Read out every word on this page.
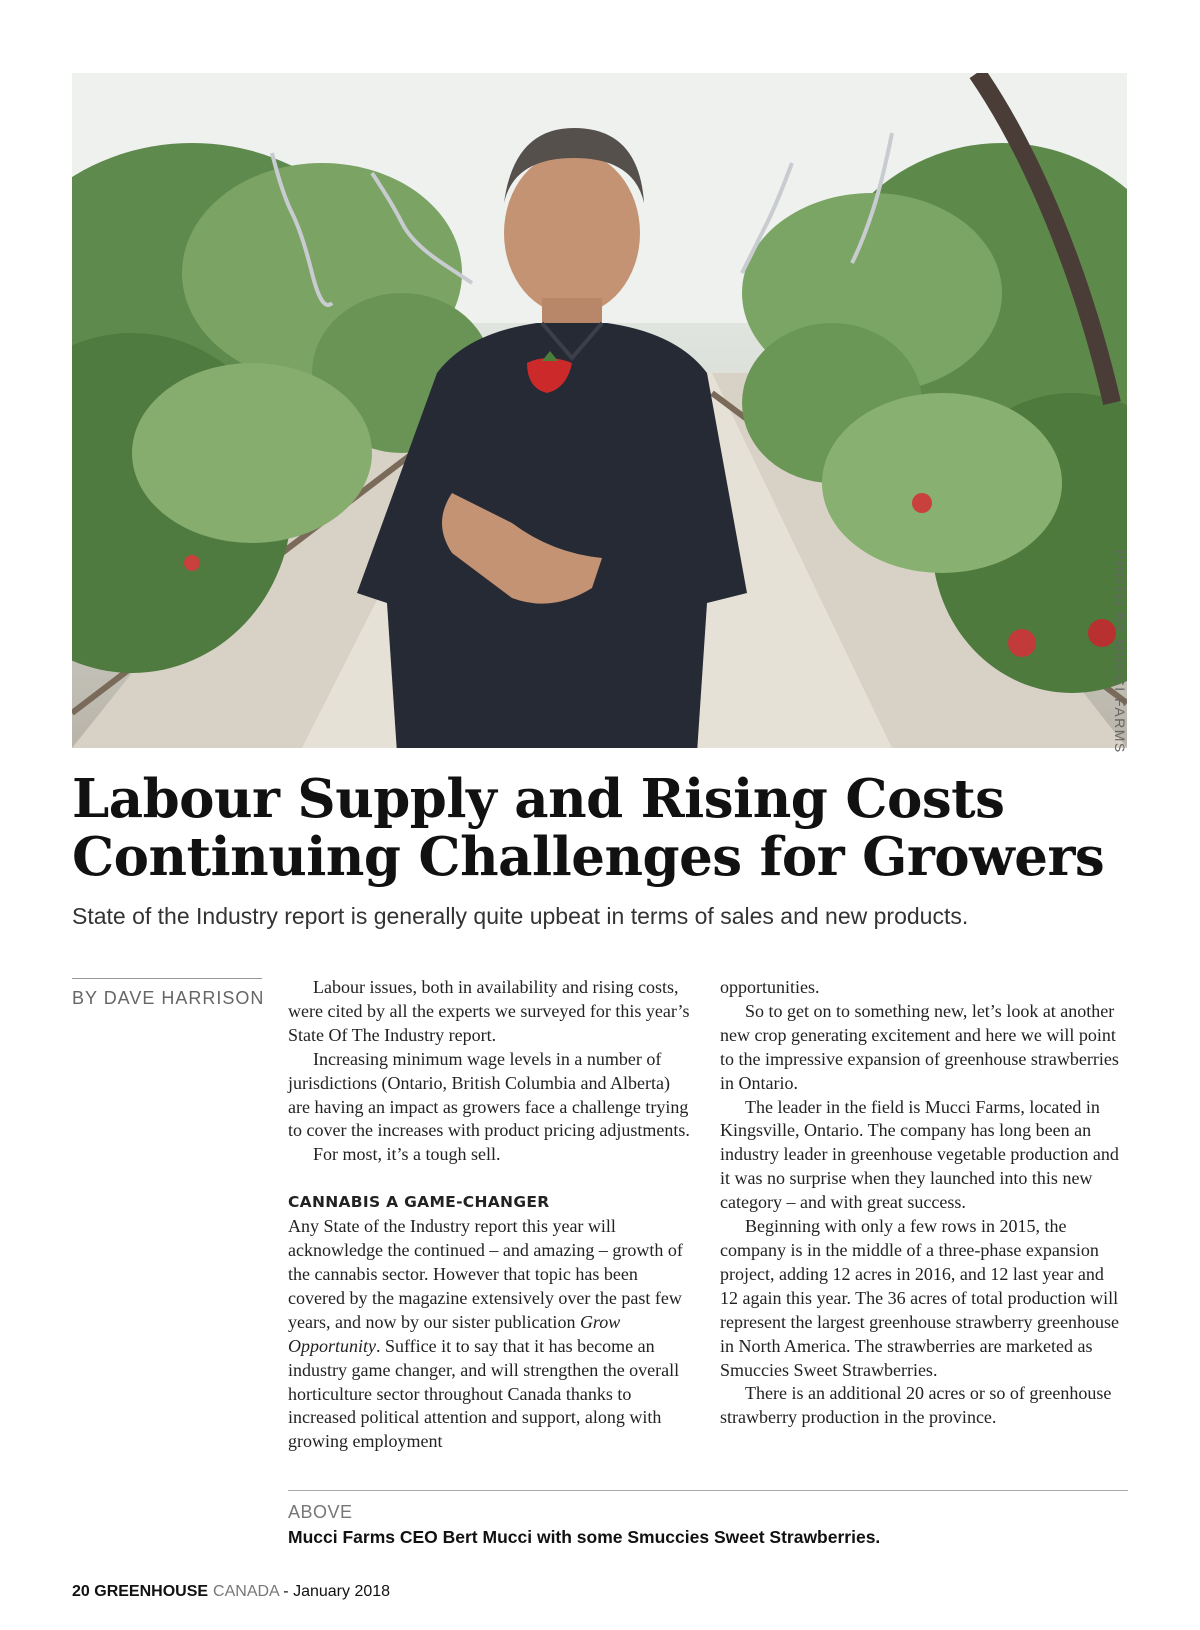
PHOTO BY MUCCI FARMS
Labour Supply and Rising Costs
Continuing Challenges for Growers
State of the Industry report is generally quite upbeat in terms of sales and new products.
BY DAVE HARRISON

Labour issues, both in availability and rising costs, were cited by all the experts we surveyed for this year’s State Of The Industry report.

Increasing minimum wage levels in a number of jurisdictions (Ontario, British Columbia and Alberta) are having an impact as growers face a challenge trying to cover the increases with product pricing adjustments.

For most, it’s a tough sell.

CANNABIS A GAME-CHANGER

Any State of the Industry report this year will acknowledge the continued – and amazing – growth of the cannabis sector. However that topic has been covered by the magazine extensively over the past few years, and now by our sister publication Grow Opportunity. Suffice it to say that it has become an industry game changer, and will strengthen the overall horticulture sector throughout Canada thanks to increased political attention and support, along with growing employment

opportunities.

So to get on to something new, let’s look at another new crop generating excitement and here we will point to the impressive expansion of greenhouse strawberries in Ontario.

The leader in the field is Mucci Farms, located in Kingsville, Ontario. The company has long been an industry leader in greenhouse vegetable production and it was no surprise when they launched into this new category – and with great success.

Beginning with only a few rows in 2015, the company is in the middle of a three-phase expansion project, adding 12 acres in 2016, and 12 last year and 12 again this year. The 36 acres of total production will represent the largest greenhouse strawberry greenhouse in North America. The strawberries are marketed as Smuccies Sweet Strawberries.

There is an additional 20 acres or so of greenhouse strawberry production in the province.

ABOVE
Mucci Farms CEO Bert Mucci with some Smuccies Sweet Strawberries.
20 GREENHOUSE CANADA - January 2018
